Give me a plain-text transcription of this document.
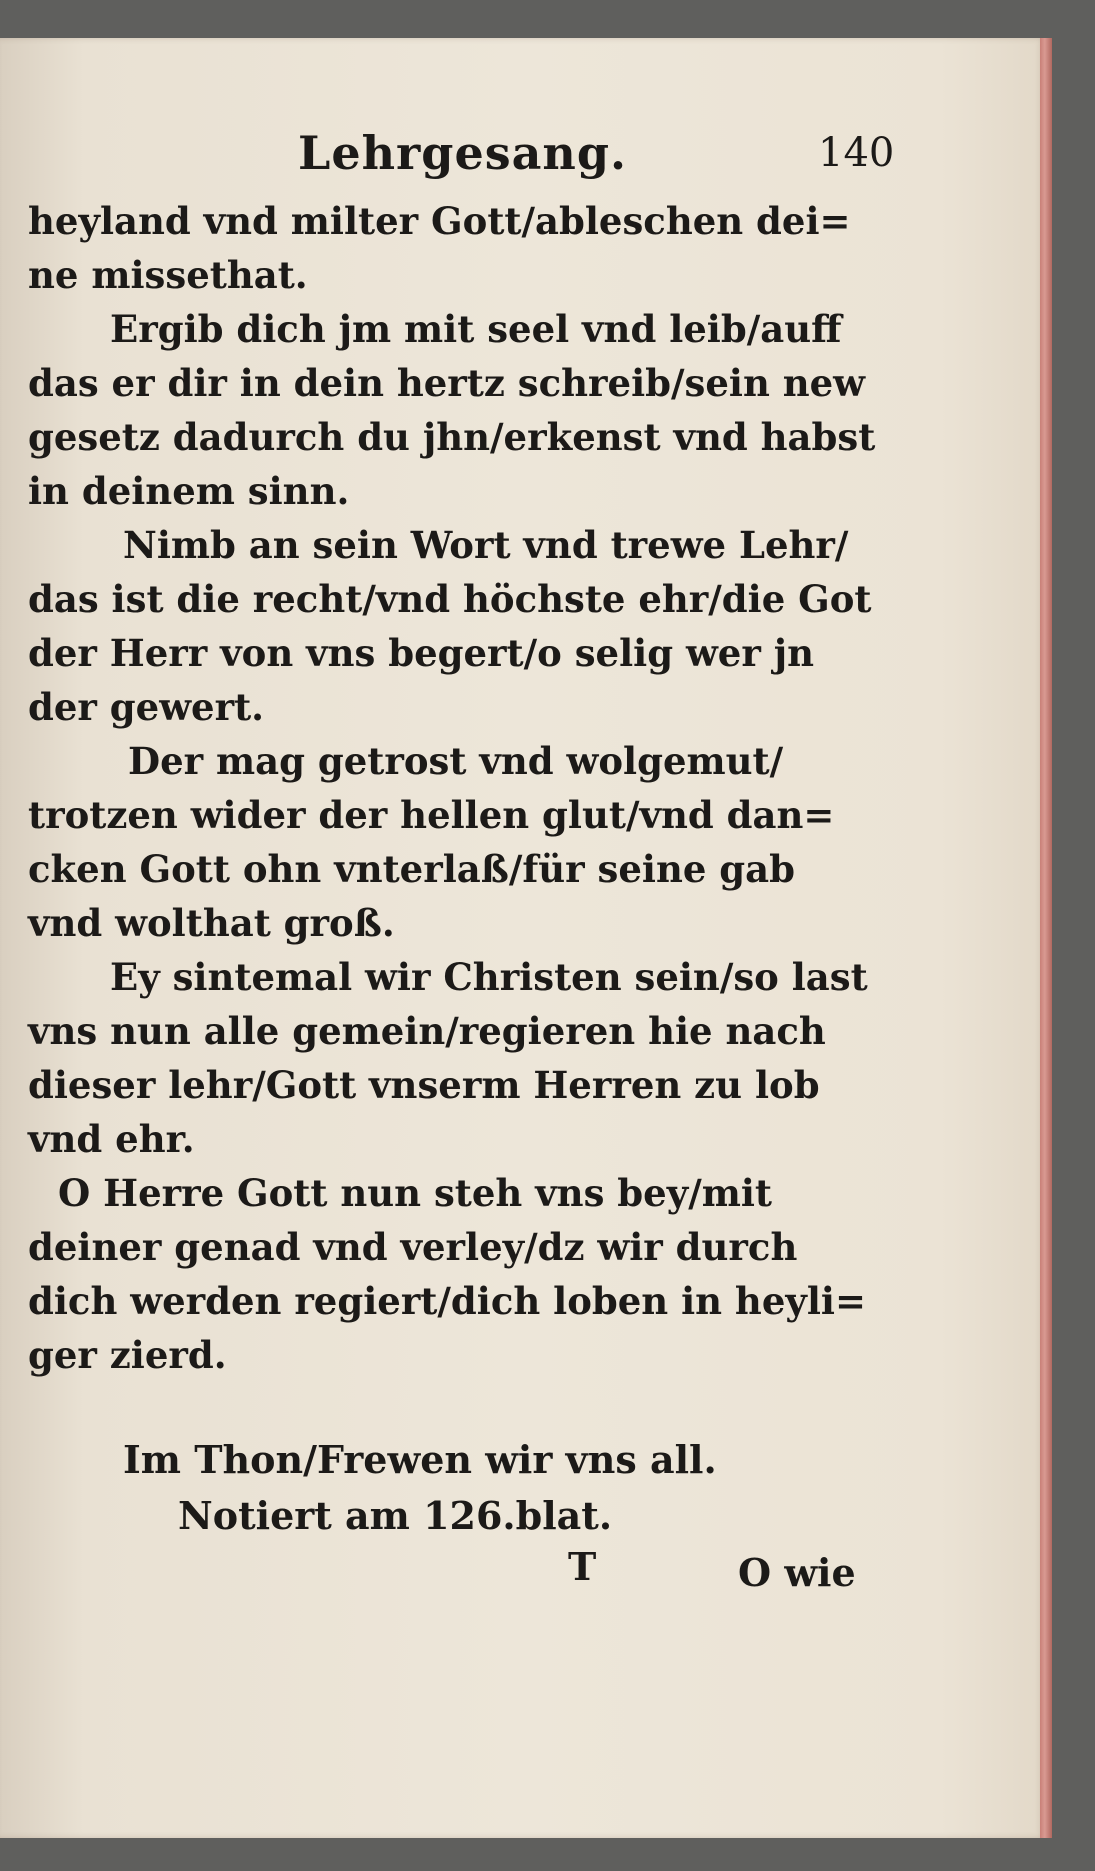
Lehrgesang.	140
heyland vnd milter Gott/ableschen dei=
ne missethat.
Ergib dich jm mit seel vnd leib/auff
das er dir in dein hertz schreib/sein new
gesetz dadurch du jhn/erkenst vnd habst
in deinem sinn.
Nimb an sein Wort vnd trewe Lehr/
das ist die recht/vnd höchste ehr/die Got
der Herr von vns begert/o selig wer jn
der gewert.
Der mag getrost vnd wolgemut/
trotzen wider der hellen glut/vnd dan=
cken Gott ohn vnterlaß/für seine gab
vnd wolthat groß.
Ey sintemal wir Christen sein/so last
vns nun alle gemein/regieren hie nach
dieser lehr/Gott vnserm Herren zu lob
vnd ehr.
O Herre Gott nun steh vns bey/mit
deiner genad vnd verley/dz wir durch
dich werden regiert/dich loben in heyli=
ger zierd.
Im Thon/Frewen wir vns all.
Notiert am 126.blat.
T	O wie
